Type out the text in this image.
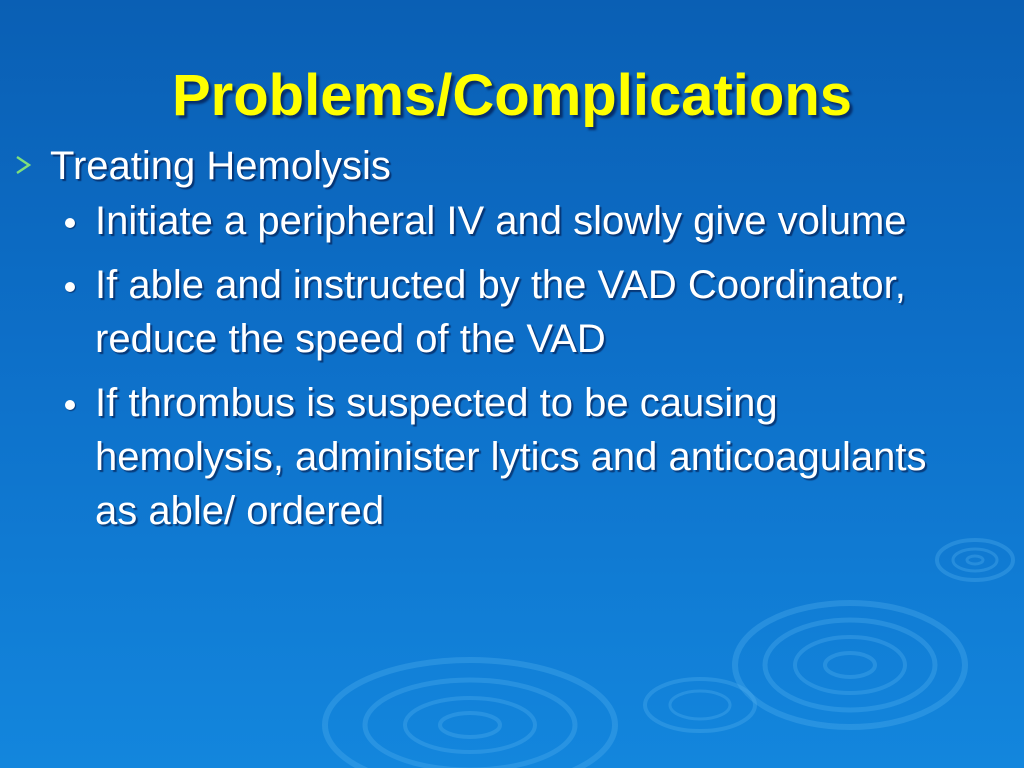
Problems/Complications
Treating Hemolysis
Initiate a peripheral IV and slowly give volume
If able and instructed by the VAD Coordinator, reduce the speed of the VAD
If thrombus is suspected to be causing hemolysis, administer lytics and anticoagulants as able/ ordered
